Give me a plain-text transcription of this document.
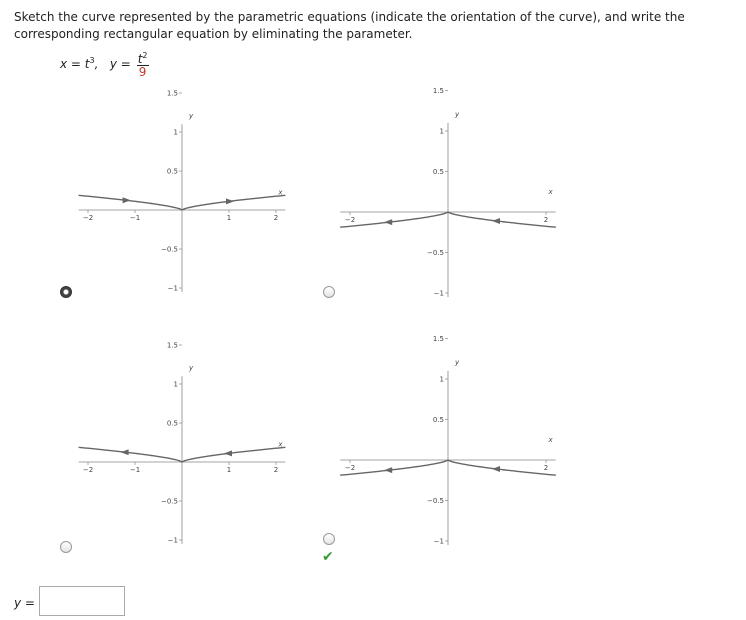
Sketch the curve represented by the parametric equations (indicate the orientation of the curve), and write the corresponding rectangular equation by eliminating the parameter.
$x = t^3$, $y = \frac{t^2}{9}$
1.5
1
0.5
−0.5
−1
−2	−1	1	2
x
y
1.5
1
0.5
−0.5
−1
−2	2
x
y
1.5
1
0.5
−0.5
−1
−2	−1	1	2
x
y
1.5
1
0.5
−0.5
−1
−2	2
x
y
✔
y =
